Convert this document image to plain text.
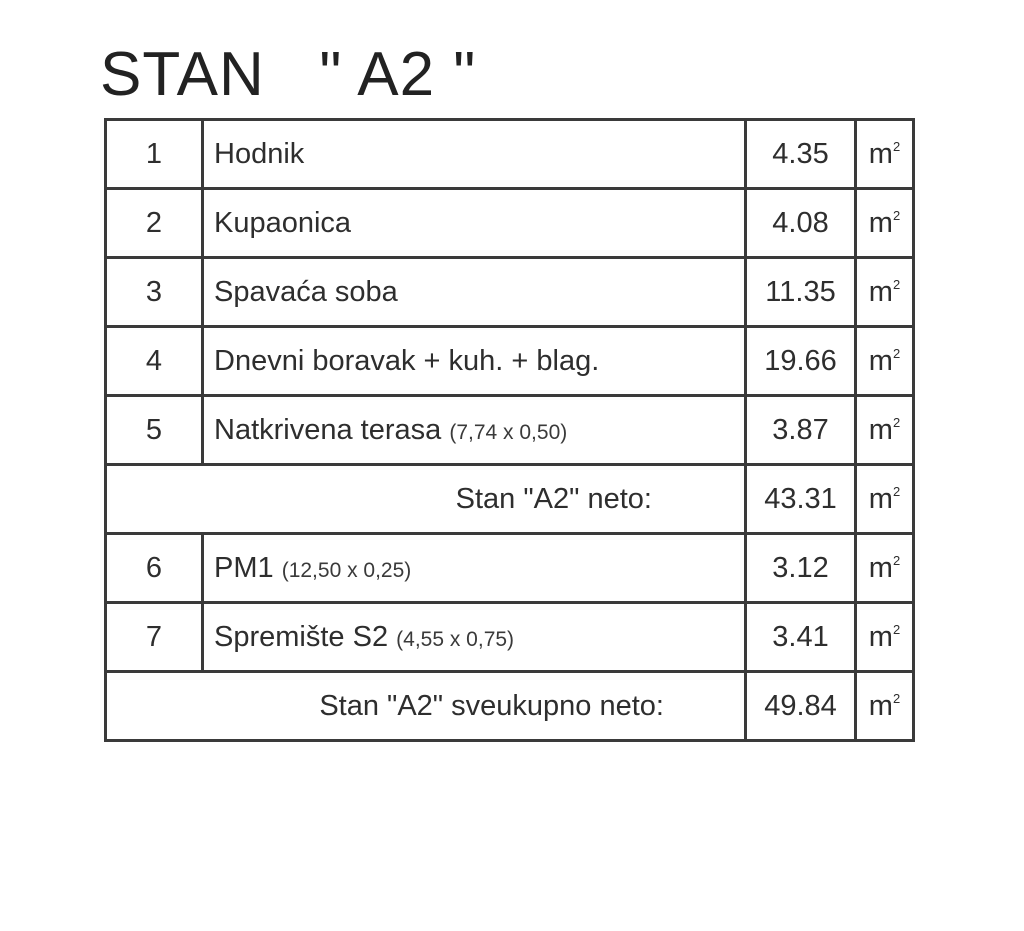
STAN   " A2 "
1	Hodnik	4.35	$m^2$
2	Kupaonica	4.08	$m^2$
3	Spavaća soba	11.35	$m^2$
4	Dnevni boravak + kuh. + blag.	19.66	$m^2$
5	Natkrivena terasa (7,74 x 0,50)	3.87	$m^2$
Stan "A2" neto:		43.31	$m^2$
6	PM1 (12,50 x 0,25)	3.12	$m^2$
7	Spremište S2 (4,55 x 0,75)	3.41	$m^2$
Stan "A2" sveukupno neto:		49.84	$m^2$
